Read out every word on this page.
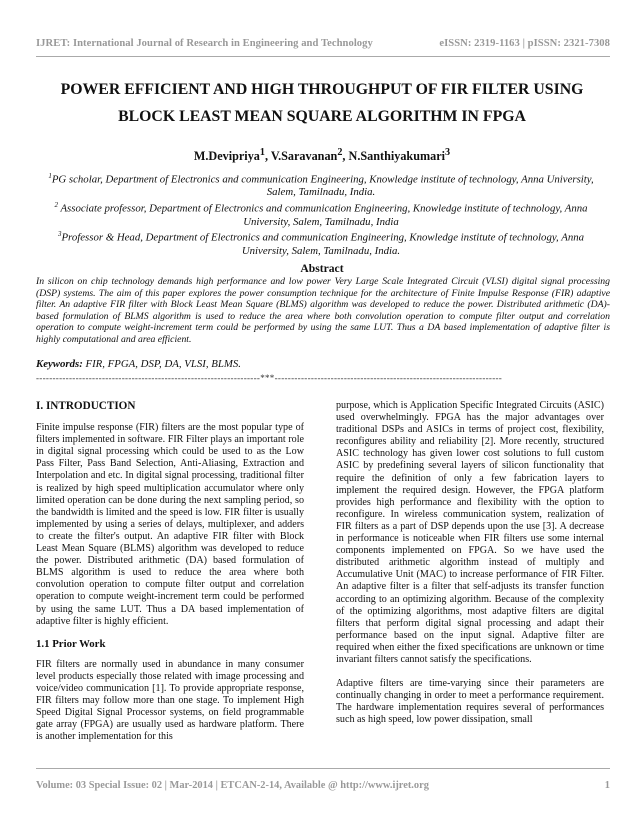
IJRET: International Journal of Research in Engineering and Technology	eISSN: 2319-1163 | pISSN: 2321-7308
POWER EFFICIENT AND HIGH THROUGHPUT OF FIR FILTER USING
BLOCK LEAST MEAN SQUARE ALGORITHM IN FPGA
M.Devipriya$^1$, V.Saravanan$^2$, N.Santhiyakumari$^3$

$^1$PG scholar, Department of Electronics and communication Engineering, Knowledge institute of technology, Anna University, Salem, Tamilnadu, India.

$^2$ Associate professor, Department of Electronics and communication Engineering, Knowledge institute of technology, Anna University, Salem, Tamilnadu, India

$^3$Professor & Head, Department of Electronics and communication Engineering, Knowledge institute of technology, Anna University, Salem, Tamilnadu, India.

Abstract
In silicon on chip technology demands high performance and low power Very Large Scale Integrated Circuit (VLSI) digital signal processing (DSP) systems. The aim of this paper explores the power consumption technique for the architecture of Finite Impulse Response (FIR) adaptive filter. An adaptive FIR filter with Block Least Mean Square (BLMS) algorithm was developed to reduce the power. Distributed arithmetic (DA)-based formulation of BLMS algorithm is used to reduce the area where both convolution operation to compute filter output and correlation operation to compute weight-increment term could be performed by using the same LUT. Thus a DA based implementation of adaptive filter is highly computational and area efficient.
Keywords: FIR, FPGA, DSP, DA, VLSI, BLMS.
--------------------------------------------------------------------***---------------------------------------------------------------------
I. INTRODUCTION

Finite impulse response (FIR) filters are the most popular type of filters implemented in software. FIR Filter plays an important role in digital signal processing which could be used to as the Low Pass Filter, Pass Band Selection, Anti-Aliasing, Extraction and Interpolation and etc. In digital signal processing, traditional filter is realized by high speed multiplication accumulator where only limited operation can be done during the next sampling period, so the bandwidth is limited and the speed is low. FIR filter is usually implemented by using a series of delays, multiplexer, and adders to create the filter's output. An adaptive FIR filter with Block Least Mean Square (BLMS) algorithm was developed to reduce the power. Distributed arithmetic (DA) based formulation of BLMS algorithm is used to reduce the area where both convolution operation to compute filter output and correlation operation to compute weight-increment term could be performed by using the same LUT. Thus a DA based implementation of adaptive filter is highly efficient.

1.1 Prior Work

FIR filters are normally used in abundance in many consumer level products especially those related with image processing and voice/video communication [1]. To provide appropriate response, FIR filters may follow more than one stage. To implement High Speed Digital Signal Processor systems, on field programmable gate array (FPGA) are usually used as hardware platform. There is another implementation for this

purpose, which is Application Specific Integrated Circuits (ASIC) used overwhelmingly. FPGA has the major advantages over traditional DSPs and ASICs in terms of project cost, flexibility, reconfigures ability and reliability [2]. More recently, structured ASIC technology has given lower cost solutions to full custom ASIC by predefining several layers of silicon functionality that require the definition of only a few fabrication layers to implement the required design. However, the FPGA platform provides high performance and flexibility with the option to reconfigure. In wireless communication system, realization of FIR filters as a part of DSP depends upon the use [3]. A decrease in performance is noticeable when FIR filters use some internal components implemented on FPGA. So we have used the distributed arithmetic algorithm instead of multiply and Accumulative Unit (MAC) to increase performance of FIR Filter. An adaptive filter is a filter that self-adjusts its transfer function according to an optimizing algorithm. Because of the complexity of the optimizing algorithms, most adaptive filters are digital filters that perform digital signal processing and adapt their performance based on the input signal. Adaptive filter are required when either the fixed specifications are unknown or time invariant filters cannot satisfy the specifications.

Adaptive filters are time-varying since their parameters are continually changing in order to meet a performance requirement. The hardware implementation requires several of performances such as high speed, low power dissipation, small

Volume: 03 Special Issue: 02 | Mar-2014 | ETCAN-2-14, Available @ http://www.ijret.org	1
